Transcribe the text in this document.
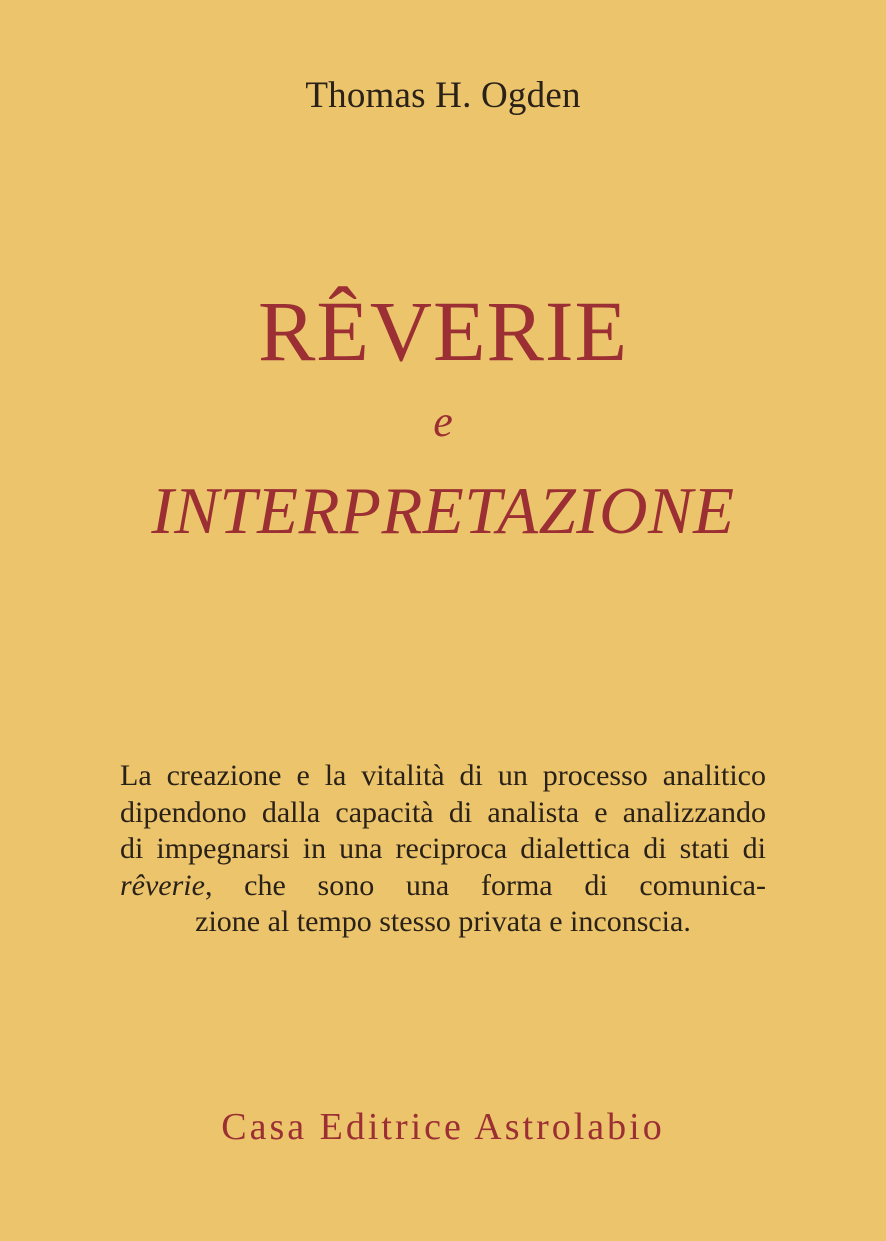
Thomas H. Ogden
RÊVERIE
e
INTERPRETAZIONE
La creazione e la vitalità di un processo analitico
dipendono dalla capacità di analista e analizzando
di impegnarsi in una reciproca dialettica di stati di
rêverie, che sono una forma di comunica-
zione al tempo stesso privata e inconscia.
Casa Editrice Astrolabio
